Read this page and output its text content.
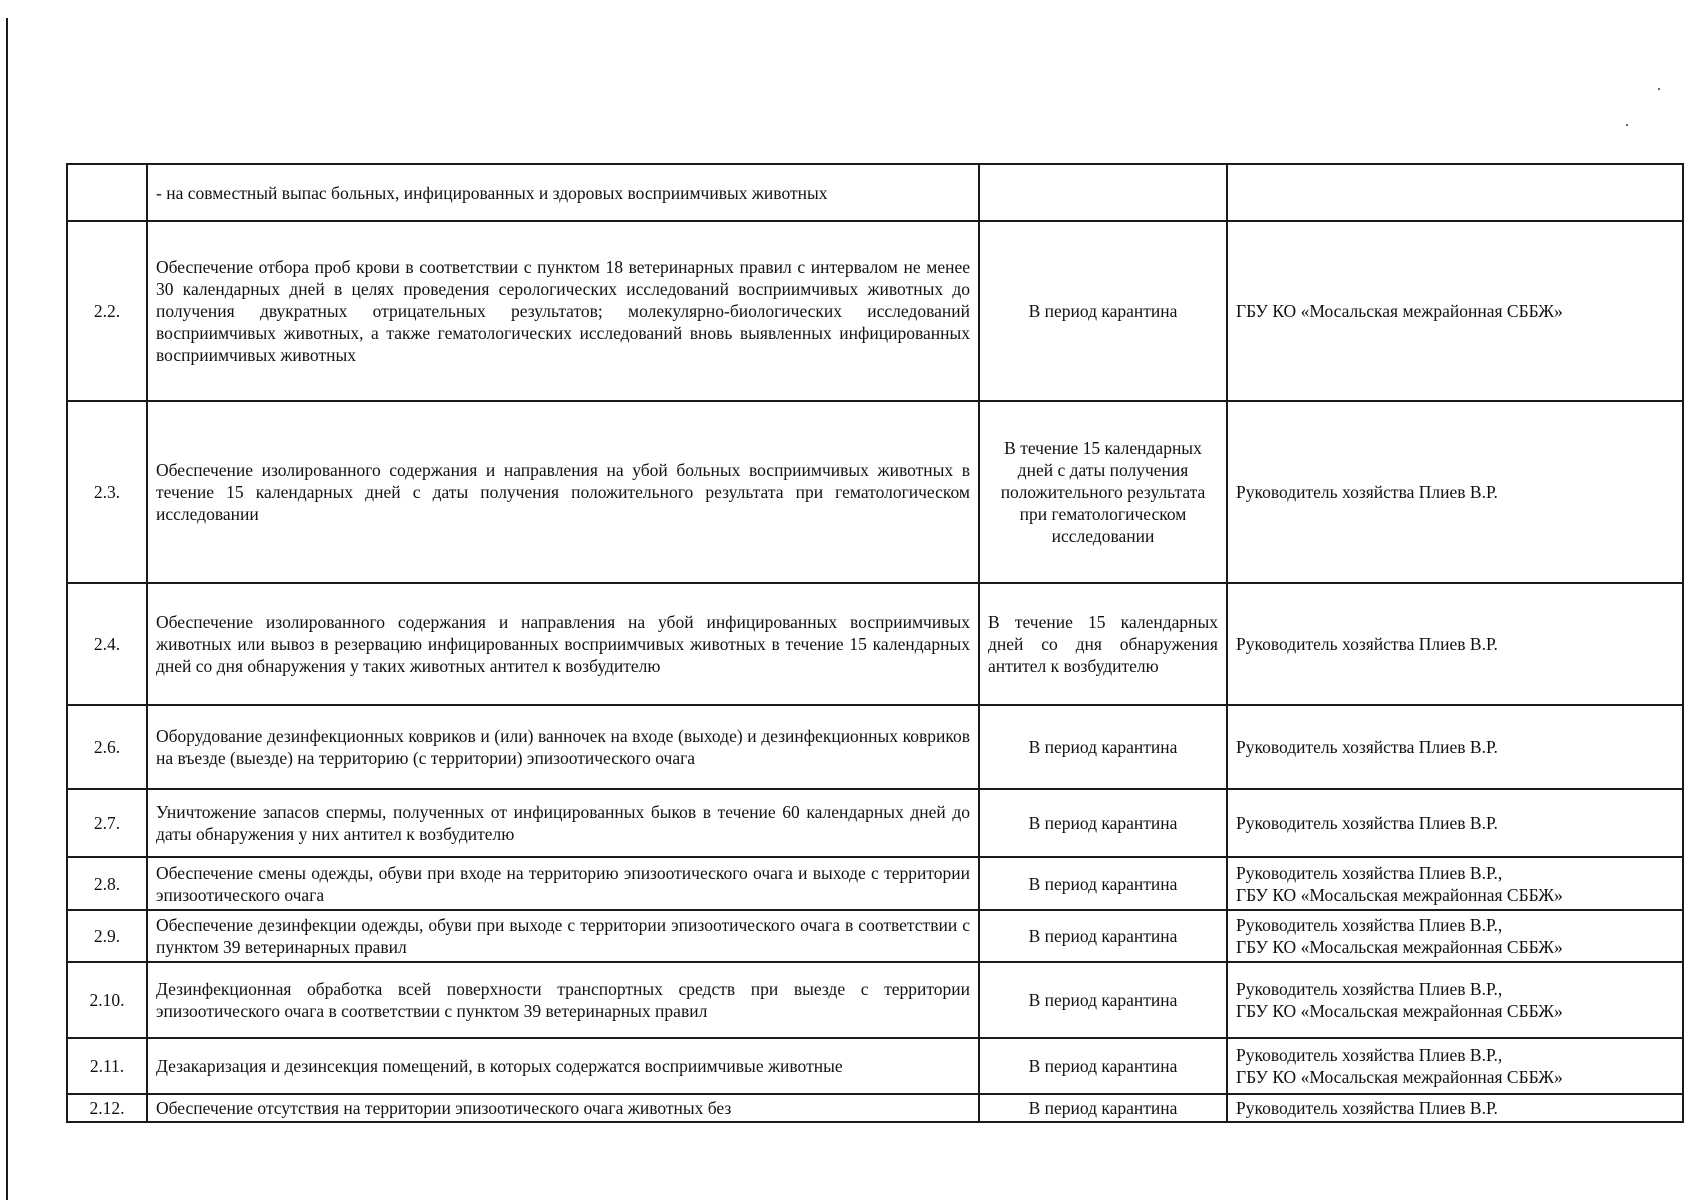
	- на совместный выпас больных, инфицированных и здоровых восприимчивых животных		
2.2.	Обеспечение отбора проб крови в соответствии с пунктом 18 ветеринарных правил с интервалом не менее 30 календарных дней в целях проведения серологических исследований восприимчивых животных до получения двукратных отрицательных результатов; молекулярно-биологических исследований восприимчивых животных, а также гематологических исследований вновь выявленных инфицированных восприимчивых животных	В период карантина	ГБУ КО «Мосальская межрайонная СББЖ»

2.3.	Обеспечение изолированного содержания и направления на убой больных восприимчивых животных в течение 15 календарных дней с даты получения положительного результата при гематологическом исследовании	В течение 15 календарных дней с даты получения положительного результата при гематологическом исследовании	Руководитель хозяйства Плиев В.Р.

2.4.	Обеспечение изолированного содержания и направления на убой инфицированных восприимчивых животных или вывоз в резервацию инфицированных восприимчивых животных в течение 15 календарных дней со дня обнаружения у таких животных антител к возбудителю	В течение 15 календарных дней со дня обнаружения антител к возбудителю	Руководитель хозяйства Плиев В.Р.

2.6.	Оборудование дезинфекционных ковриков и (или) ванночек на входе (выходе) и дезинфекционных ковриков на въезде (выезде) на территорию (с территории) эпизоотического очага	В период карантина	Руководитель хозяйства Плиев В.Р.

2.7.	Уничтожение запасов спермы, полученных от инфицированных быков в течение 60 календарных дней до даты обнаружения у них антител к возбудителю	В период карантина	Руководитель хозяйства Плиев В.Р.

2.8.	Обеспечение смены одежды, обуви при входе на территорию эпизоотического очага и выходе с территории эпизоотического очага	В период карантина	Руководитель хозяйства Плиев В.Р.,
ГБУ КО «Мосальская межрайонная СББЖ»

2.9.	Обеспечение дезинфекции одежды, обуви при выходе с территории эпизоотического очага в соответствии с пунктом 39 ветеринарных правил	В период карантина	Руководитель хозяйства Плиев В.Р.,
ГБУ КО «Мосальская межрайонная СББЖ»

2.10.	Дезинфекционная обработка всей поверхности транспортных средств при выезде с территории эпизоотического очага в соответствии с пунктом 39 ветеринарных правил	В период карантина	Руководитель хозяйства Плиев В.Р.,
ГБУ КО «Мосальская межрайонная СББЖ»

2.11.	Дезакаризация и дезинсекция помещений, в которых содержатся восприимчивые животные	В период карантина	Руководитель хозяйства Плиев В.Р.,
ГБУ КО «Мосальская межрайонная СББЖ»

2.12.	Обеспечение отсутствия на территории эпизоотического очага животных без	В период карантина	Руководитель хозяйства Плиев В.Р.
